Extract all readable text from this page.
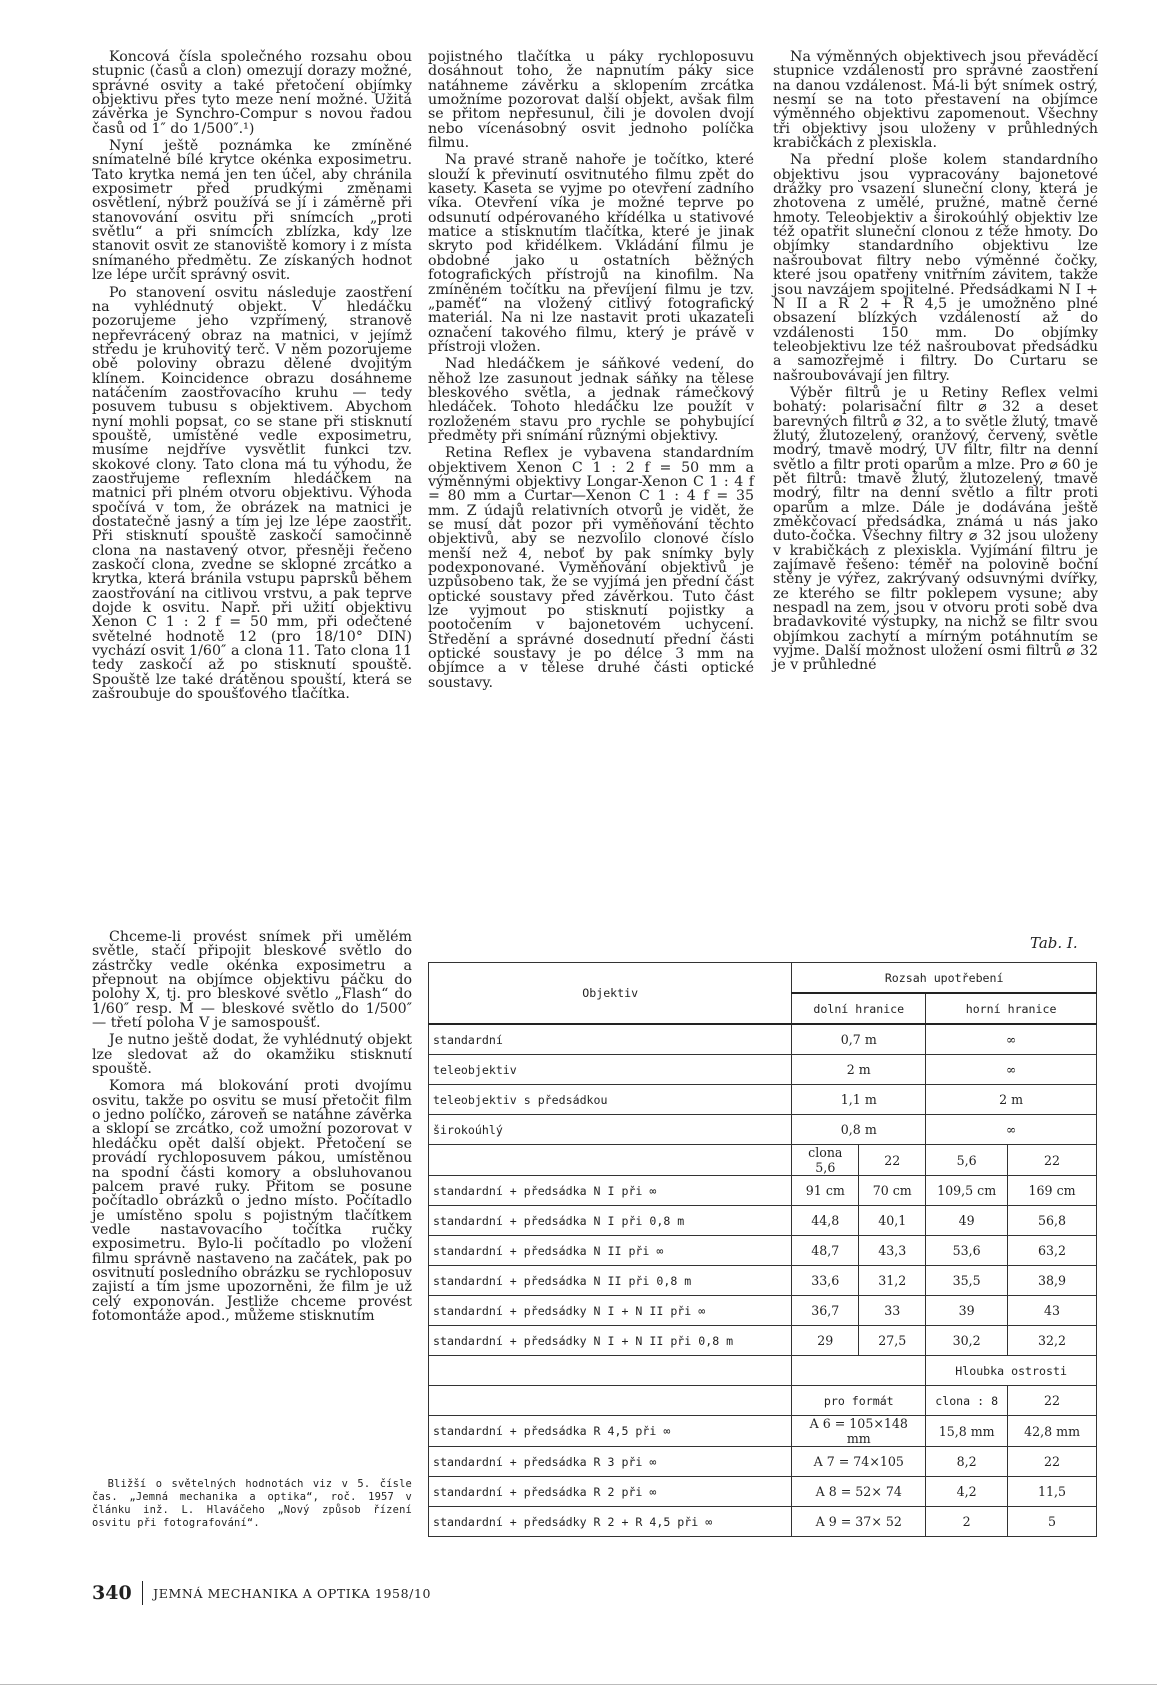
Koncová čísla společného rozsahu obou stupnic (časů a clon) omezují dorazy možné, správné osvity a také přetočení objímky objektivu přes tyto meze není možné. Užitá závěrka je Synchro-Compur s novou řadou časů od 1″ do 1/500″.¹)

Nyní ještě poznámka ke zmíněné snímatelné bílé krytce okénka exposimetru. Tato krytka nemá jen ten účel, aby chránila exposimetr před prudkými změnami osvětlení, nýbrž používá se jí i záměrně při stanovování osvitu při snímcích „proti světlu“ a při snímcích zblízka, kdy lze stanovit osvit ze stanoviště komory i z místa snímaného předmětu. Ze získaných hodnot lze lépe určit správný osvit.

Po stanovení osvitu následuje zaostření na vyhlédnutý objekt. V hledáčku pozorujeme jeho vzpřímený, stranově nepřevrácený obraz na matnici, v jejímž středu je kruhovitý terč. V něm pozorujeme obě poloviny obrazu dělené dvojitým klínem. Koincidence obrazu dosáhneme natáčením zaostřovacího kruhu — tedy posuvem tubusu s objektivem. Abychom nyní mohli popsat, co se stane při stisknutí spouště, umístěné vedle exposimetru, musíme nejdříve vysvětlit funkci tzv. skokové clony. Tato clona má tu výhodu, že zaostřujeme reflexním hledáčkem na matnici při plném otvoru objektivu. Výhoda spočívá v tom, že obrázek na matnici je dostatečně jasný a tím jej lze lépe zaostřit. Při stisknutí spouště zaskočí samočinně clona na nastavený otvor, přesněji řečeno zaskočí clona, zvedne se sklopné zrcátko a krytka, která bránila vstupu paprsků během zaostřování na citlivou vrstvu, a pak teprve dojde k osvitu. Např. při užití objektivu Xenon C 1 : 2 f = 50 mm, při odečtené světelné hodnotě 12 (pro 18/10° DIN) vychází osvit 1/60″ a clona 11. Tato clona 11 tedy zaskočí až po stisknutí spouště. Spouště lze také drátěnou spouští, která se zašroubuje do spoušťového tlačítka.

Chceme-li provést snímek při umělém světle, stačí připojit bleskové světlo do zástrčky vedle okénka exposimetru a přepnout na objímce objektivu páčku do polohy X, tj. pro bleskové světlo „Flash“ do 1/60″ resp. M — bleskové světlo do 1/500″ — třetí poloha V je samospoušť.

Je nutno ještě dodat, že vyhlédnutý objekt lze sledovat až do okamžiku stisknutí spouště.

Komora má blokování proti dvojímu osvitu, takže po osvitu se musí přetočit film o jedno políčko, zároveň se natáhne závěrka a sklopí se zrcátko, což umožní pozorovat v hledáčku opět další objekt. Přetočení se provádí rychloposuvem pákou, umístěnou na spodní části komory a obsluhovanou palcem pravé ruky. Přitom se posune počítadlo obrázků o jedno místo. Počítadlo je umístěno spolu s pojistným tlačítkem vedle nastavovacího točítka ručky exposimetru. Bylo-li počítadlo po vložení filmu správně nastaveno na začátek, pak po osvitnutí posledního obrázku se rychloposuv zajistí a tím jsme upozorněni, že film je už celý exponován. Jestliže chceme provést fotomontáže apod., můžeme stisknutím

Bližší o světelných hodnotách viz v 5. čísle čas. „Jemná mechanika a optika“, roč. 1957 v článku inž. L. Hlaváčeho „Nový způsob řízení osvitu při fotografování“.

pojistného tlačítka u páky rychloposuvu dosáhnout toho, že napnutím páky sice natáhneme závěrku a sklopením zrcátka umožníme pozorovat další objekt, avšak film se přitom nepřesunul, čili je dovolen dvojí nebo vícenásobný osvit jednoho políčka filmu.

Na pravé straně nahoře je točítko, které slouží k převinutí osvitnutého filmu zpět do kasety. Kaseta se vyjme po otevření zadního víka. Otevření víka je možné teprve po odsunutí odpérovaného křídélka u stativové matice a stisknutím tlačítka, které je jinak skryto pod křidélkem. Vkládání filmu je obdobné jako u ostatních běžných fotografických přístrojů na kinofilm. Na zmíněném točítku na převíjení filmu je tzv. „paměť“ na vložený citlivý fotografický materiál. Na ni lze nastavit proti ukazateli označení takového filmu, který je právě v přístroji vložen.

Nad hledáčkem je sáňkové vedení, do něhož lze zasunout jednak sáňky na tělese bleskového světla, a jednak rámečkový hledáček. Tohoto hledáčku lze použít v rozloženém stavu pro rychle se pohybující předměty při snímání různými objektivy.

Retina Reflex je vybavena standardním objektivem Xenon C 1 : 2 f = 50 mm a výměnnými objektivy Longar-Xenon C 1 : 4 f = 80 mm a Curtar—Xenon C 1 : 4 f = 35 mm. Z údajů relativních otvorů je vidět, že se musí dát pozor při vyměňování těchto objektivů, aby se nezvolilo clonové číslo menší než 4, neboť by pak snímky byly podexponované. Vyměňování objektivů je uzpůsobeno tak, že se vyjímá jen přední část optické soustavy před závěrkou. Tuto část lze vyjmout po stisknutí pojistky a pootočením v bajonetovém uchycení. Středění a správné dosednutí přední části optické soustavy je po délce 3 mm na objímce a v tělese druhé části optické soustavy.

Na výměnných objektivech jsou převáděcí stupnice vzdáleností pro správné zaostření na danou vzdálenost. Má-li být snímek ostrý, nesmí se na toto přestavení na objímce výměnného objektivu zapomenout. Všechny tři objektivy jsou uloženy v průhledných krabičkách z plexiskla.

Na přední ploše kolem standardního objektivu jsou vypracovány bajonetové drážky pro vsazení sluneční clony, která je zhotovena z umělé, pružné, matně černé hmoty. Teleobjektiv a širokoúhlý objektiv lze též opatřit sluneční clonou z téže hmoty. Do objímky standardního objektivu lze našroubovat filtry nebo výměnné čočky, které jsou opatřeny vnitřním závitem, takže jsou navzájem spojitelné. Předsádkami N I + N II a R 2 + R 4,5 je umožněno plné obsazení blízkých vzdáleností až do vzdálenosti 150 mm. Do objímky teleobjektivu lze též našroubovat předsádku a samozřejmě i filtry. Do Curtaru se našroubovávají jen filtry.

Výběr filtrů je u Retiny Reflex velmi bohatý: polarisační filtr ⌀ 32 a deset barevných filtrů ⌀ 32, a to světle žlutý, tmavě žlutý, žlutozelený, oranžový, červený, světle modrý, tmavě modrý, UV filtr, filtr na denní světlo a filtr proti oparům a mlze. Pro ⌀ 60 je pět filtrů: tmavě žlutý, žlutozelený, tmavě modrý, filtr na denní světlo a filtr proti oparům a mlze. Dále je dodávána ještě změkčovací předsádka, známá u nás jako duto-čočka. Všechny filtry ⌀ 32 jsou uloženy v krabičkách z plexiskla. Vyjímání filtru je zajímavě řešeno: téměř na polovině boční stěny je výřez, zakrývaný odsuvnými dvířky, ze kterého se filtr poklepem vysune; aby nespadl na zem, jsou v otvoru proti sobě dva bradavkovité výstupky, na nichž se filtr svou objímkou zachytí a mírným potáhnutím se vyjme. Další možnost uložení osmi filtrů ⌀ 32 je v průhledné

Tab. I.
Objektiv	Rozsah upotřebení			
	dolní hranice		horní hranice	
standardní	0,7 m		∞	
teleobjektiv	2 m		∞	
teleobjektiv s předsádkou	1,1 m		2 m	
širokoúhlý	0,8 m		∞	
	clona 5,6	22	5,6	22
standardní + předsádka N I při ∞	91 cm	70 cm	109,5 cm	169 cm
standardní + předsádka N I při 0,8 m	44,8	40,1	49	56,8
standardní + předsádka N II při ∞	48,7	43,3	53,6	63,2
standardní + předsádka N II při 0,8 m	33,6	31,2	35,5	38,9
standardní + předsádky N I + N II při ∞	36,7	33	39	43
standardní + předsádky N I + N II při 0,8 m	29	27,5	30,2	32,2
			Hloubka ostrosti	
	pro formát		clona : 8	22
standardní + předsádka R 4,5 při ∞	A 6 = 105×148 mm		15,8 mm	42,8 mm
standardní + předsádka R 3 při ∞	A 7 = 74×105		8,2	22
standardní + předsádka R 2 při ∞	A 8 = 52× 74		4,2	11,5
standardní + předsádky R 2 + R 4,5 při ∞	A 9 = 37× 52		2	5
340 JEMNÁ MECHANIKA A OPTIKA 1958/10
